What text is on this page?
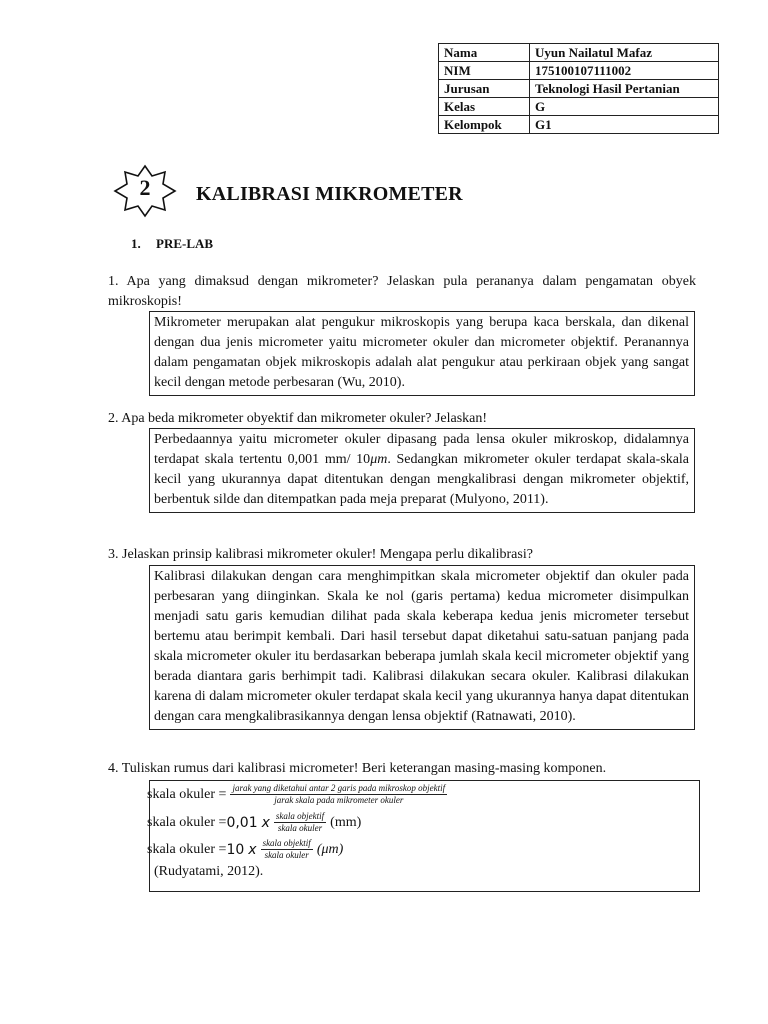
Nama	Uyun Nailatul Mafaz
NIM	175100107111002
Jurusan	Teknologi Hasil Pertanian
Kelas	G
Kelompok	G1
2	KALIBRASI MIKROMETER
1. PRE-LAB
1. Apa yang dimaksud dengan mikrometer? Jelaskan pula perananya dalam pengamatan obyek mikroskopis!
Mikrometer merupakan alat pengukur mikroskopis yang berupa kaca berskala, dan dikenal dengan dua jenis micrometer yaitu micrometer okuler dan micrometer objektif. Peranannya dalam pengamatan objek mikroskopis adalah alat pengukur atau perkiraan objek yang sangat kecil dengan metode perbesaran (Wu, 2010).
2. Apa beda mikrometer obyektif dan mikrometer okuler? Jelaskan!
Perbedaannya yaitu micrometer okuler dipasang pada lensa okuler mikroskop, didalamnya terdapat skala tertentu 0,001 mm/ 10μm. Sedangkan mikrometer okuler terdapat skala-skala kecil yang ukurannya dapat ditentukan dengan mengkalibrasi dengan mikrometer objektif, berbentuk silde dan ditempatkan pada meja preparat (Mulyono, 2011).
3. Jelaskan prinsip kalibrasi mikrometer okuler! Mengapa perlu dikalibrasi?
Kalibrasi dilakukan dengan cara menghimpitkan skala micrometer objektif dan okuler pada perbesaran yang diinginkan. Skala ke nol (garis pertama) kedua micrometer disimpulkan menjadi satu garis kemudian dilihat pada skala keberapa kedua jenis micrometer tersebut bertemu atau berimpit kembali. Dari hasil tersebut dapat diketahui satu-satuan panjang pada skala micrometer okuler itu berdasarkan beberapa jumlah skala kecil micrometer objektif yang berada diantara garis berhimpit tadi. Kalibrasi dilakukan secara okuler. Kalibrasi dilakukan karena di dalam micrometer okuler terdapat skala kecil yang ukurannya hanya dapat ditentukan dengan cara mengkalibrasikannya dengan lensa objektif (Ratnawati, 2010).
4. Tuliskan rumus dari kalibrasi micrometer! Beri keterangan masing-masing komponen.
skala okuler = $\frac{\text{jarak yang diketahui antar 2 garis pada mikroskop objektif}}{\text{jarak skala pada mikrometer okuler}}$
skala okuler = 0,01 x $\frac{\text{skala objektif}}{\text{skala okuler}} (mm)$
skala okuler = 10 x $\frac{\text{skala objektif}}{\text{skala okuler}} (\mu m)$
(Rudyatami, 2012).
